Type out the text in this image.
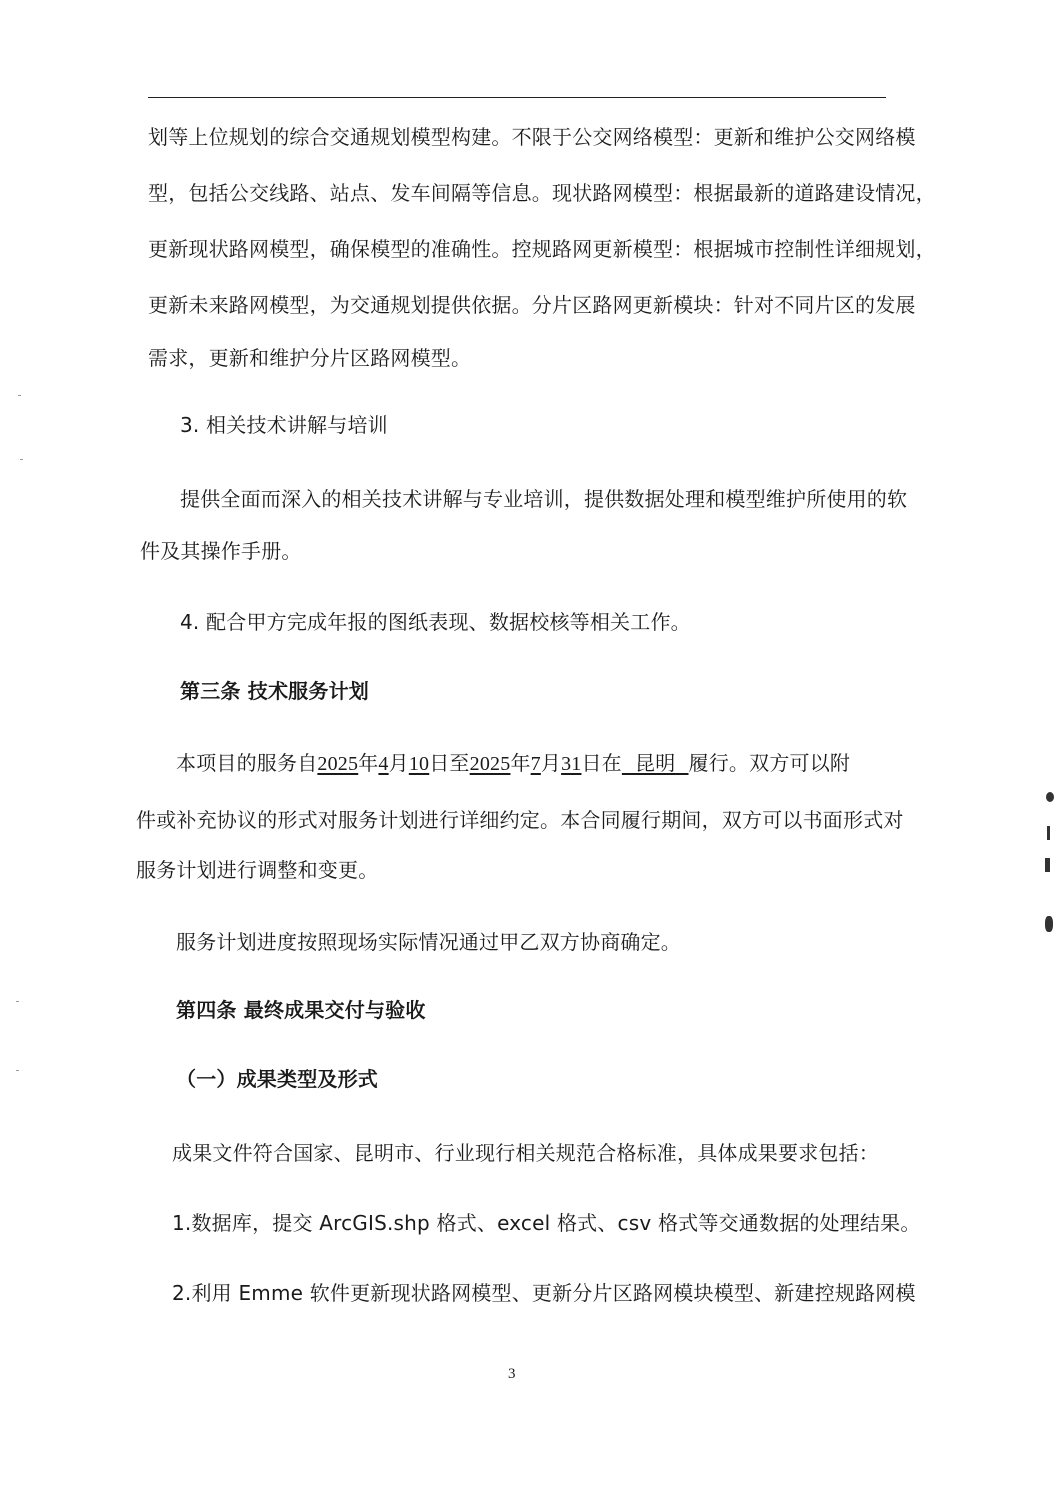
划等上位规划的综合交通规划模型构建。不限于公交网络模型：更新和维护公交网络模
型，包括公交线路、站点、发车间隔等信息。现状路网模型：根据最新的道路建设情况，
更新现状路网模型，确保模型的准确性。控规路网更新模型：根据城市控制性详细规划，
更新未来路网模型，为交通规划提供依据。分片区路网更新模块：针对不同片区的发展
需求，更新和维护分片区路网模型。
3. 相关技术讲解与培训
提供全面而深入的相关技术讲解与专业培训，提供数据处理和模型维护所使用的软
件及其操作手册。
4. 配合甲方完成年报的图纸表现、数据校核等相关工作。
第三条 技术服务计划
本项目的服务自2025年4月10日至2025年7月31日在  昆明  履行。双方可以附
件或补充协议的形式对服务计划进行详细约定。本合同履行期间，双方可以书面形式对
服务计划进行调整和变更。
服务计划进度按照现场实际情况通过甲乙双方协商确定。
第四条 最终成果交付与验收
（一）成果类型及形式
成果文件符合国家、昆明市、行业现行相关规范合格标准，具体成果要求包括：
1.数据库，提交 ArcGIS.shp 格式、excel 格式、csv 格式等交通数据的处理结果。
2.利用 Emme 软件更新现状路网模型、更新分片区路网模块模型、新建控规路网模
3
